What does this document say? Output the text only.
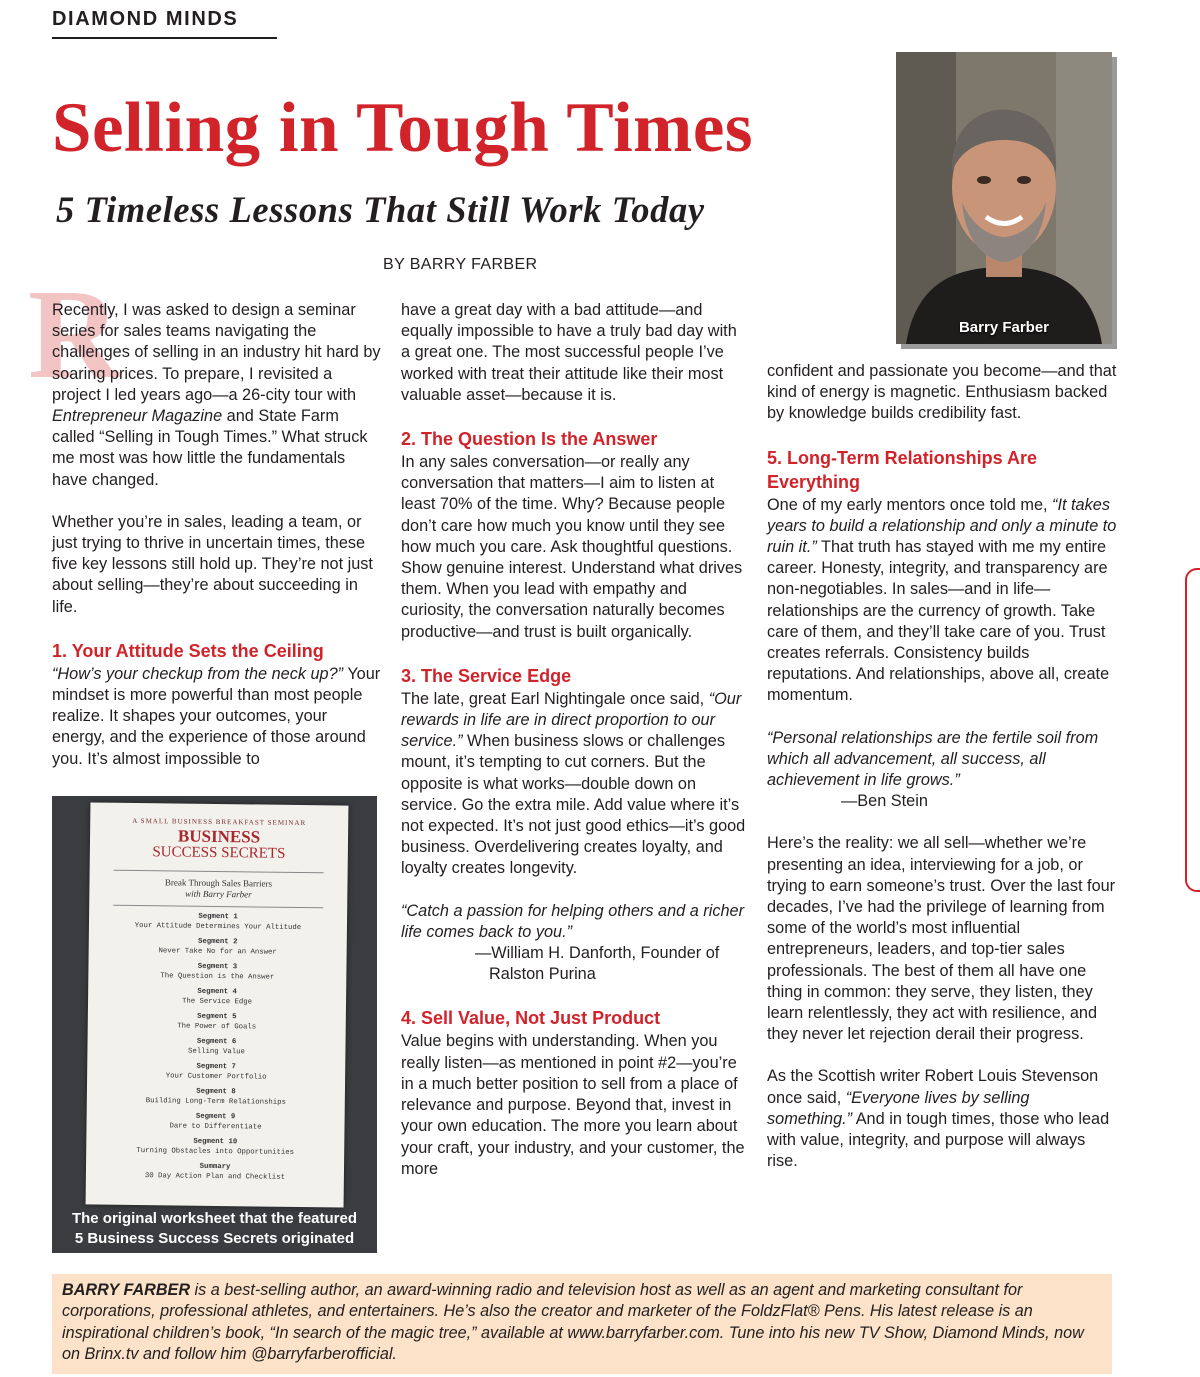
DIAMOND MINDS
Selling in Tough Times
5 Timeless Lessons That Still Work Today
BY BARRY FARBER
Barry Farber
R

Recently, I was asked to design a seminar series for sales teams navigating the challenges of selling in an industry hit hard by soaring prices. To prepare, I revisited a project I led years ago—a 26-city tour with Entrepreneur Magazine and State Farm called “Selling in Tough Times.” What struck me most was how little the fundamentals have changed.

Whether you’re in sales, leading a team, or just trying to thrive in uncertain times, these five key lessons still hold up. They’re not just about selling—they’re about succeeding in life.

1. Your Attitude Sets the Ceiling

“How’s your checkup from the neck up?” Your mindset is more powerful than most people realize. It shapes your outcomes, your energy, and the experience of those around you. It’s almost impossible to

A SMALL BUSINESS BREAKFAST SEMINAR
BUSINESS
SUCCESS SECRETS
Break Through Sales Barriers
with Barry Farber
Segment 1
Your Attitude Determines Your Altitude
Segment 2
Never Take No for an Answer
Segment 3
The Question is the Answer
Segment 4
The Service Edge
Segment 5
The Power of Goals
Segment 6
Selling Value
Segment 7
Your Customer Portfolio
Segment 8
Building Long-Term Relationships
Segment 9
Dare to Differentiate
Segment 10
Turning Obstacles into Opportunities
Summary
30 Day Action Plan and Checklist
The original worksheet that the featured
5 Business Success Secrets originated

have a great day with a bad attitude—and equally impossible to have a truly bad day with a great one. The most successful people I’ve worked with treat their attitude like their most valuable asset—because it is.

2. The Question Is the Answer

In any sales conversation—or really any conversation that matters—I aim to listen at least 70% of the time. Why? Because people don’t care how much you know until they see how much you care. Ask thoughtful questions. Show genuine interest. Understand what drives them. When you lead with empathy and curiosity, the conversation naturally becomes productive—and trust is built organically.

3. The Service Edge

The late, great Earl Nightingale once said, “Our rewards in life are in direct proportion to our service.” When business slows or challenges mount, it’s tempting to cut corners. But the opposite is what works—double down on service. Go the extra mile. Add value where it’s not expected. It’s not just good ethics—it’s good business. Overdelivering creates loyalty, and loyalty creates longevity.

“Catch a passion for helping others and a richer life comes back to you.”

—William H. Danforth, Founder of

Ralston Purina

4. Sell Value, Not Just Product

Value begins with understanding. When you really listen—as mentioned in point #2—you’re in a much better position to sell from a place of relevance and purpose. Beyond that, invest in your own education. The more you learn about your craft, your industry, and your customer, the more

confident and passionate you become—and that kind of energy is magnetic. Enthusiasm backed by knowledge builds credibility fast.

5. Long-Term Relationships Are Everything

One of my early mentors once told me, “It takes years to build a relationship and only a minute to ruin it.” That truth has stayed with me my entire career. Honesty, integrity, and transparency are non-negotiables. In sales—and in life—relationships are the currency of growth. Take care of them, and they’ll take care of you. Trust creates referrals. Consistency builds reputations. And relationships, above all, create momentum.

“Personal relationships are the fertile soil from which all advancement, all success, all achievement in life grows.”

—Ben Stein

Here’s the reality: we all sell—whether we’re presenting an idea, interviewing for a job, or trying to earn someone’s trust. Over the last four decades, I’ve had the privilege of learning from some of the world’s most influential entrepreneurs, leaders, and top-tier sales professionals. The best of them all have one thing in common: they serve, they listen, they learn relentlessly, they act with resilience, and they never let rejection derail their progress.

As the Scottish writer Robert Louis Stevenson once said, “Everyone lives by selling something.” And in tough times, those who lead with value, integrity, and purpose will always rise.

BARRY FARBER is a best-selling author, an award-winning radio and television host as well as an agent and marketing consultant for corporations, professional athletes, and entertainers. He’s also the creator and marketer of the FoldzFlat® Pens. His latest release is an inspirational children’s book, “In search of the magic tree,” available at www.barryfarber.com. Tune into his new TV Show, Diamond Minds, now on Brinx.tv and follow him @barryfarberofficial.
